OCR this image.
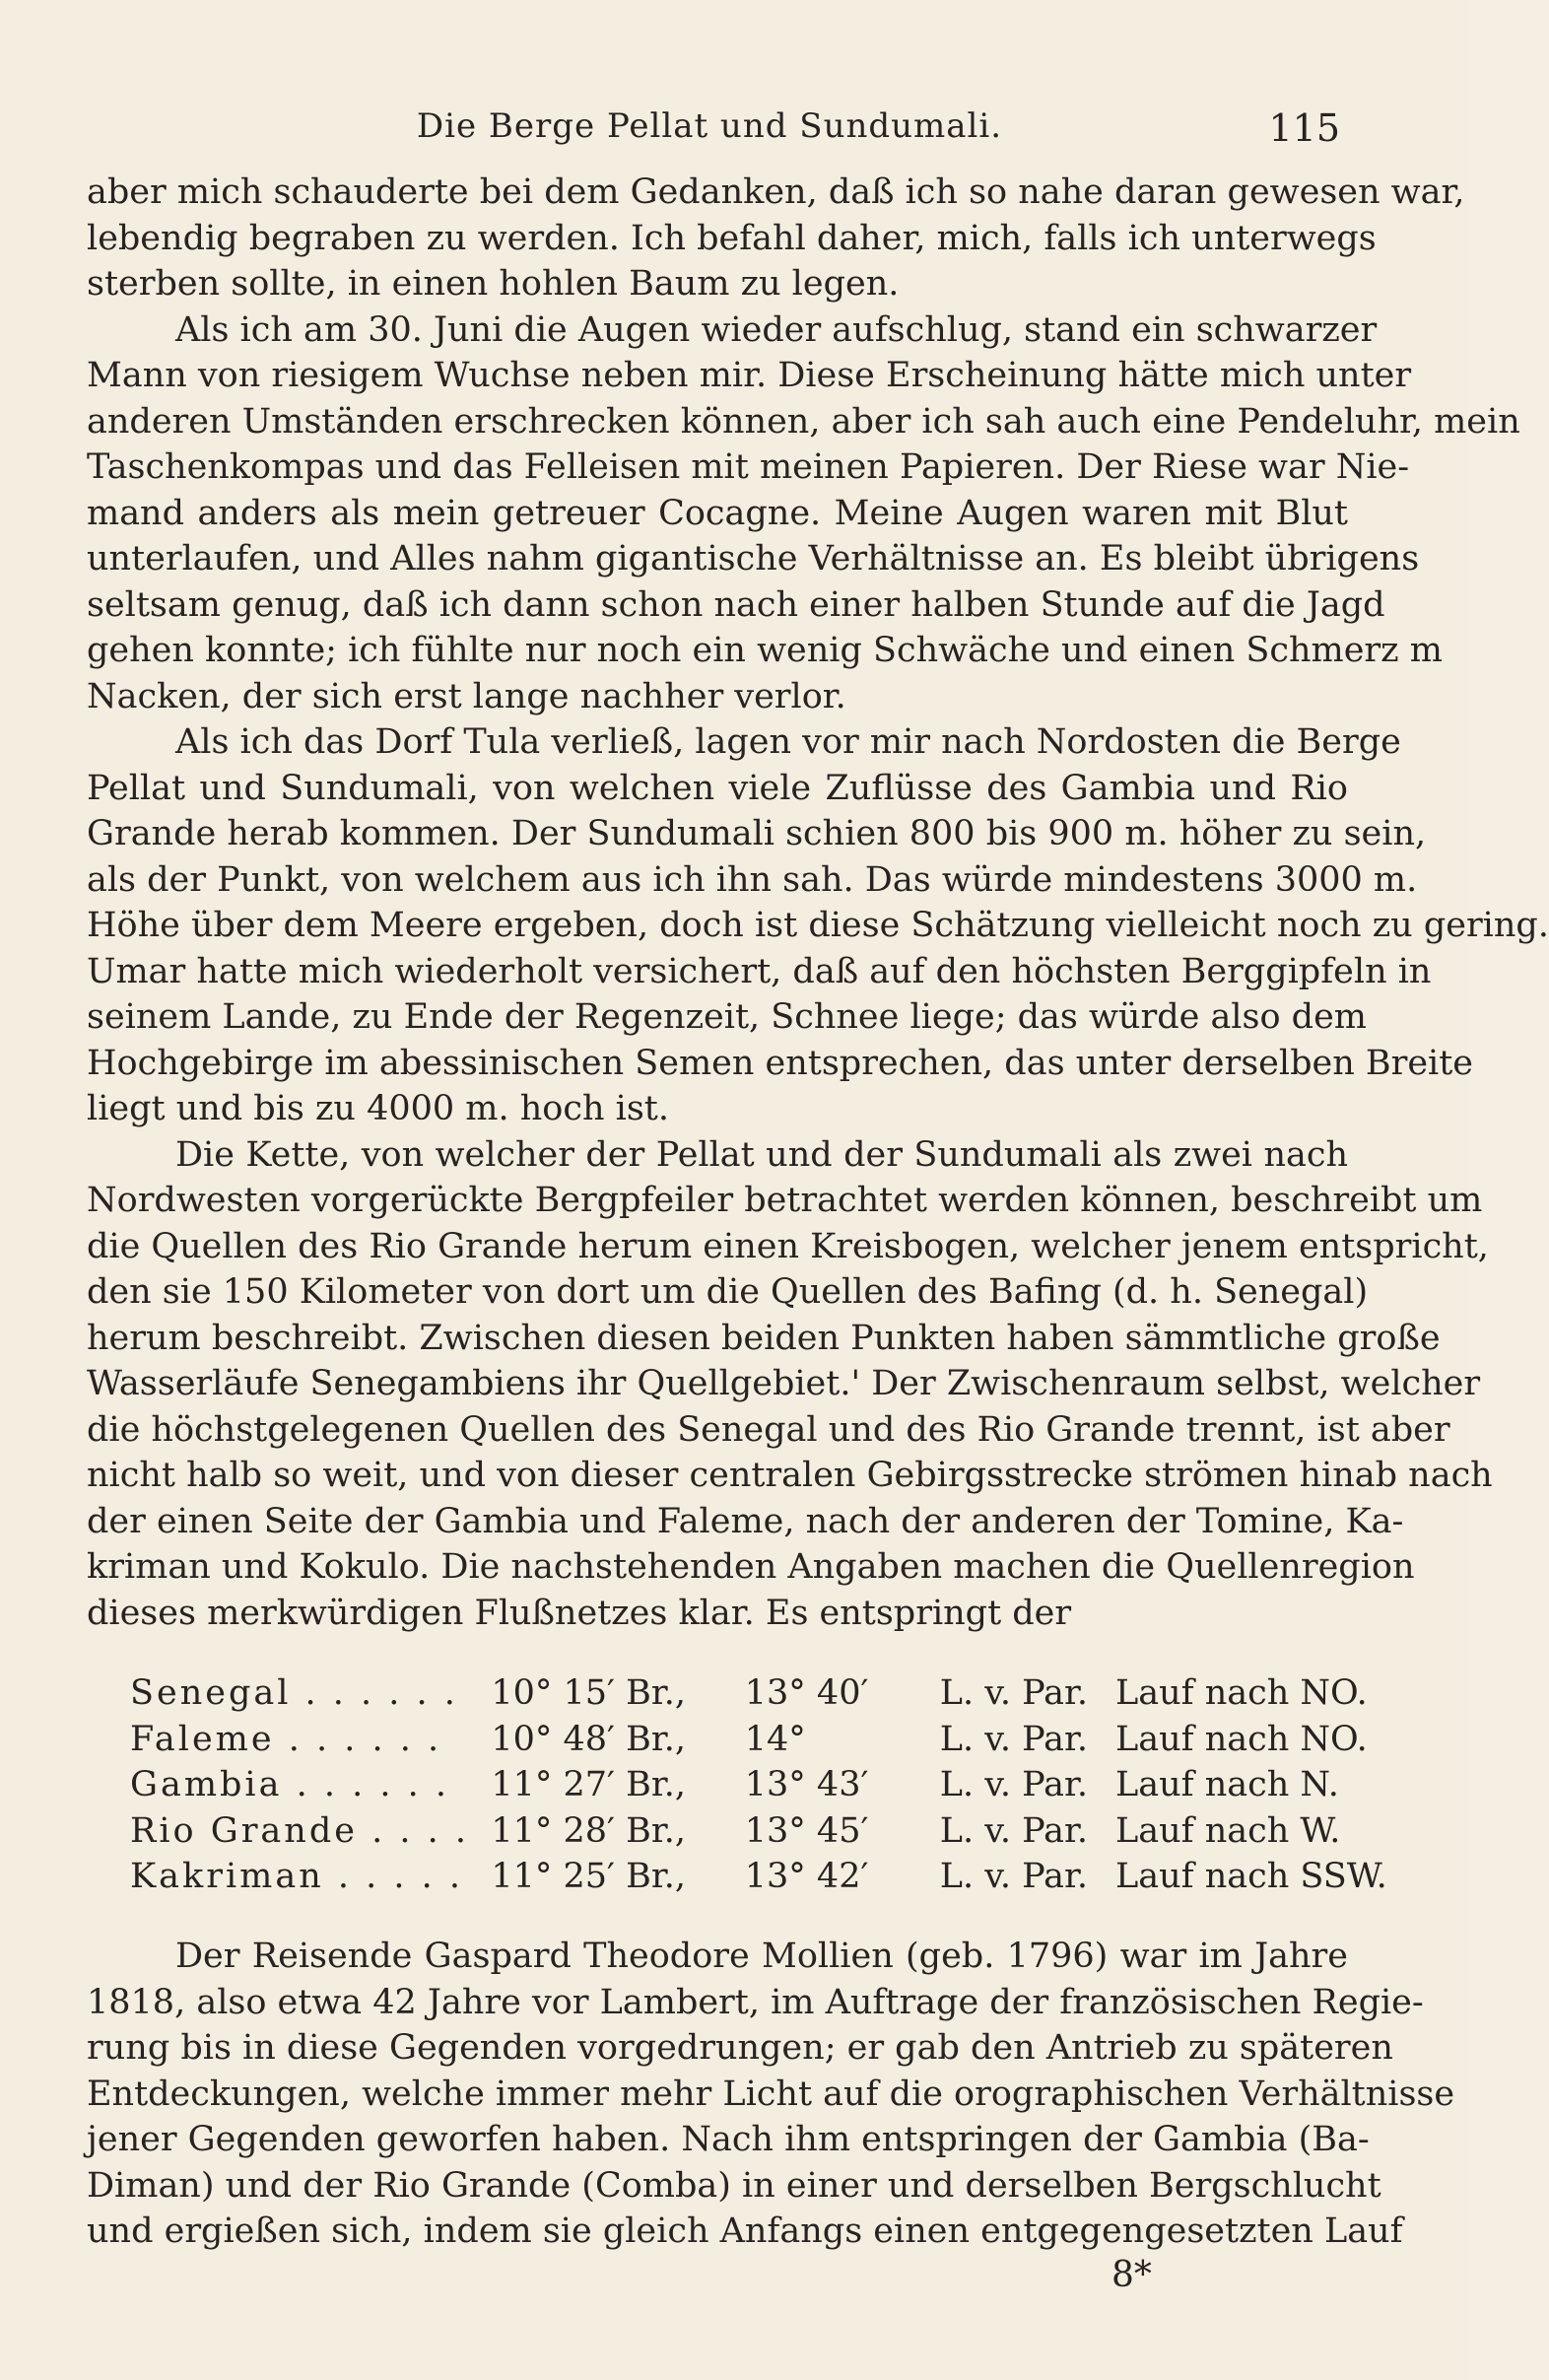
Die Berge Pellat und Sundumali.	115
aber mich schauderte bei dem Gedanken, daß ich so nahe daran gewesen war,
lebendig begraben zu werden. Ich befahl daher, mich, falls ich unterwegs
sterben sollte, in einen hohlen Baum zu legen.
Als ich am 30. Juni die Augen wieder aufschlug, stand ein schwarzer
Mann von riesigem Wuchse neben mir. Diese Erscheinung hätte mich unter
anderen Umständen erschrecken können, aber ich sah auch eine Pendeluhr, mein
Taschenkompas und das Felleisen mit meinen Papieren. Der Riese war Nie-
mand anders als mein getreuer Cocagne. Meine Augen waren mit Blut
unterlaufen, und Alles nahm gigantische Verhältnisse an. Es bleibt übrigens
seltsam genug, daß ich dann schon nach einer halben Stunde auf die Jagd
gehen konnte; ich fühlte nur noch ein wenig Schwäche und einen Schmerz m
Nacken, der sich erst lange nachher verlor.
Als ich das Dorf Tula verließ, lagen vor mir nach Nordosten die Berge
Pellat und Sundumali, von welchen viele Zuflüsse des Gambia und Rio
Grande herab kommen. Der Sundumali schien 800 bis 900 m. höher zu sein,
als der Punkt, von welchem aus ich ihn sah. Das würde mindestens 3000 m.
Höhe über dem Meere ergeben, doch ist diese Schätzung vielleicht noch zu gering.
Umar hatte mich wiederholt versichert, daß auf den höchsten Berggipfeln in
seinem Lande, zu Ende der Regenzeit, Schnee liege; das würde also dem
Hochgebirge im abessinischen Semen entsprechen, das unter derselben Breite
liegt und bis zu 4000 m. hoch ist.
Die Kette, von welcher der Pellat und der Sundumali als zwei nach
Nordwesten vorgerückte Bergpfeiler betrachtet werden können, beschreibt um
die Quellen des Rio Grande herum einen Kreisbogen, welcher jenem entspricht,
den sie 150 Kilometer von dort um die Quellen des Bafing (d. h. Senegal)
herum beschreibt. Zwischen diesen beiden Punkten haben sämmtliche große
Wasserläufe Senegambiens ihr Quellgebiet.' Der Zwischenraum selbst, welcher
die höchstgelegenen Quellen des Senegal und des Rio Grande trennt, ist aber
nicht halb so weit, und von dieser centralen Gebirgsstrecke strömen hinab nach
der einen Seite der Gambia und Faleme, nach der anderen der Tomine, Ka-
kriman und Kokulo. Die nachstehenden Angaben machen die Quellenregion
dieses merkwürdigen Flußnetzes klar. Es entspringt der
Senegal . . . . . . 10° 15′ Br.,	13° 40′	L. v. Par. Lauf nach NO.
Faleme . . . . . .	10° 48′ Br.,	14°	L. v. Par. Lauf nach NO.
Gambia . . . . . .	11° 27′ Br.,	13° 43′	L. v. Par. Lauf nach N.
Rio Grande . . . . 11° 28′ Br.,	13° 45′	L. v. Par. Lauf nach W.
Kakriman . . . . . 11° 25′ Br.,	13° 42′	L. v. Par. Lauf nach SSW.
Der Reisende Gaspard Theodore Mollien (geb. 1796) war im Jahre
1818, also etwa 42 Jahre vor Lambert, im Auftrage der französischen Regie-
rung bis in diese Gegenden vorgedrungen; er gab den Antrieb zu späteren
Entdeckungen, welche immer mehr Licht auf die orographischen Verhältnisse
jener Gegenden geworfen haben. Nach ihm entspringen der Gambia (Ba-
Diman) und der Rio Grande (Comba) in einer und derselben Bergschlucht
und ergießen sich, indem sie gleich Anfangs einen entgegengesetzten Lauf
8*
